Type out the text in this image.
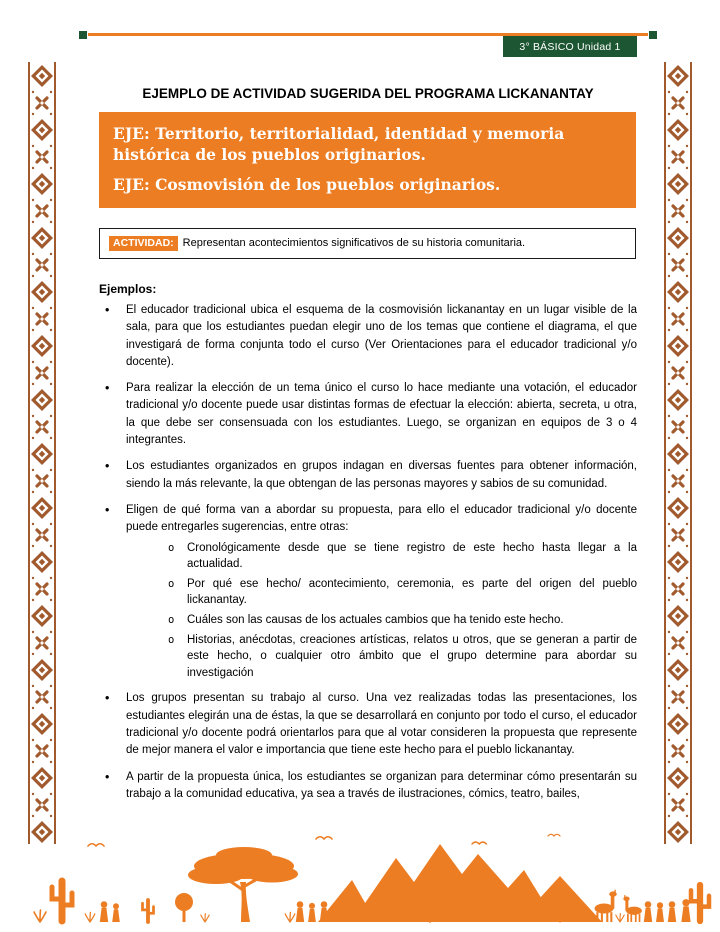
3° BÁSICO Unidad 1
EJEMPLO DE ACTIVIDAD SUGERIDA DEL PROGRAMA LICKANANTAY

EJE: Territorio, territorialidad, identidad y memoria histórica de los pueblos originarios.

EJE: Cosmovisión de los pueblos originarios.

ACTIVIDAD: Representan acontecimientos significativos de su historia comunitaria.

Ejemplos:

• El educador tradicional ubica el esquema de la cosmovisión lickanantay en un lugar visible de la sala, para que los estudiantes puedan elegir uno de los temas que contiene el diagrama, el que investigará de forma conjunta todo el curso (Ver Orientaciones para el educador tradicional y/o docente).

• Para realizar la elección de un tema único el curso lo hace mediante una votación, el educador tradicional y/o docente puede usar distintas formas de efectuar la elección: abierta, secreta, u otra, la que debe ser consensuada con los estudiantes. Luego, se organizan en equipos de 3 o 4 integrantes.

• Los estudiantes organizados en grupos indagan en diversas fuentes para obtener información, siendo la más relevante, la que obtengan de las personas mayores y sabios de su comunidad.

• Eligen de qué forma van a abordar su propuesta, para ello el educador tradicional y/o docente puede entregarles sugerencias, entre otras:

o Cronológicamente desde que se tiene registro de este hecho hasta llegar a la actualidad.

o Por qué ese hecho/ acontecimiento, ceremonia, es parte del origen del pueblo lickanantay.

o Cuáles son las causas de los actuales cambios que ha tenido este hecho.

o Historias, anécdotas, creaciones artísticas, relatos u otros, que se generan a partir de este hecho, o cualquier otro ámbito que el grupo determine para abordar su investigación

• Los grupos presentan su trabajo al curso. Una vez realizadas todas las presentaciones, los estudiantes elegirán una de éstas, la que se desarrollará en conjunto por todo el curso, el educador tradicional y/o docente podrá orientarlos para que al votar consideren la propuesta que represente de mejor manera el valor e importancia que tiene este hecho para el pueblo lickanantay.

• A partir de la propuesta única, los estudiantes se organizan para determinar cómo presentarán su trabajo a la comunidad educativa, ya sea a través de ilustraciones, cómics, teatro, bailes,
